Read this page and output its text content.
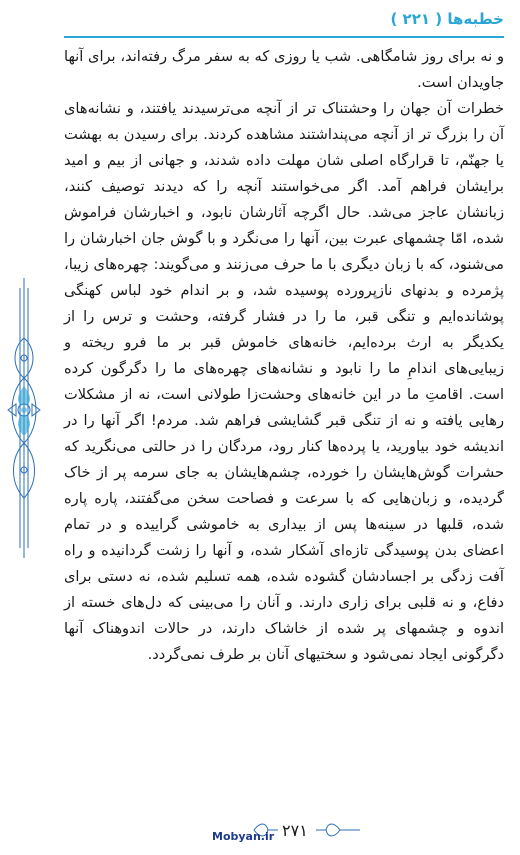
خطبه‌ها ( ۲۲۱ )

و نه برای روز شامگاهی. شب یا روزی که به سفر مرگ رفته‌اند، برای آنها جاویدان است.

خطرات آن جهان را وحشتناک تر از آنچه می‌ترسیدند یافتند، و نشانه‌های آن را بزرگ تر از آنچه می‌پنداشتند مشاهده کردند. برای رسیدن به بهشت یا جهنّم، تا قرارگاه اصلی شان مهلت داده شدند، و جهانی از بیم و امید برایشان فراهم آمد. اگر می‌خواستند آنچه را که دیدند توصیف کنند، زبانشان عاجز می‌شد. حال اگرچه آثارشان نابود، و اخبارشان فراموش شده، امّا چشمهای عبرت بین، آنها را می‌نگرد و با گوش جان اخبارشان را می‌شنود، که با زبان دیگری با ما حرف می‌زنند و می‌گویند: چهره‌های زیبا، پژمرده و بدنهای نازپرورده پوسیده شد، و بر اندام خود لباس کهنگی پوشانده‌ایم و تنگی قبر، ما را در فشار گرفته، وحشت و ترس را از یکدیگر به ارث برده‌ایم، خانه‌های خاموش قبر بر ما فرو ریخته و زیبایی‌های اندامِ ما را نابود و نشانه‌های چهره‌های ما را دگرگون کرده است. اقامتِ ما در این خانه‌های وحشت‌زا طولانی است، نه از مشکلات رهایی یافته و نه از تنگی قبر گشایشی فراهم شد. مردم! اگر آنها را در اندیشه خود بیاورید، یا پرده‌ها کنار رود، مردگان را در حالتی می‌نگرید که حشرات گوش‌هایشان را خورده، چشم‌هایشان به جای سرمه پر از خاک گردیده، و زبان‌هایی که با سرعت و فصاحت سخن می‌گفتند، پاره پاره شده، قلبها در سینه‌ها پس از بیداری به خاموشی گراییده و در تمام اعضای بدن پوسیدگی تازه‌ای آشکار شده، و آنها را زشت گردانیده و راه آفت زدگی بر اجسادشان گشوده شده، همه تسلیم شده، نه دستی برای دفاع، و نه قلبی برای زاری دارند. و آنان را می‌بینی که دل‌های خسته از اندوه و چشمهای پر شده از خاشاک دارند، در حالات اندوهناک آنها دگرگونی ایجاد نمی‌شود و سختیهای آنان بر طرف نمی‌گردد.

۲۷۱
Mobyan.ir
